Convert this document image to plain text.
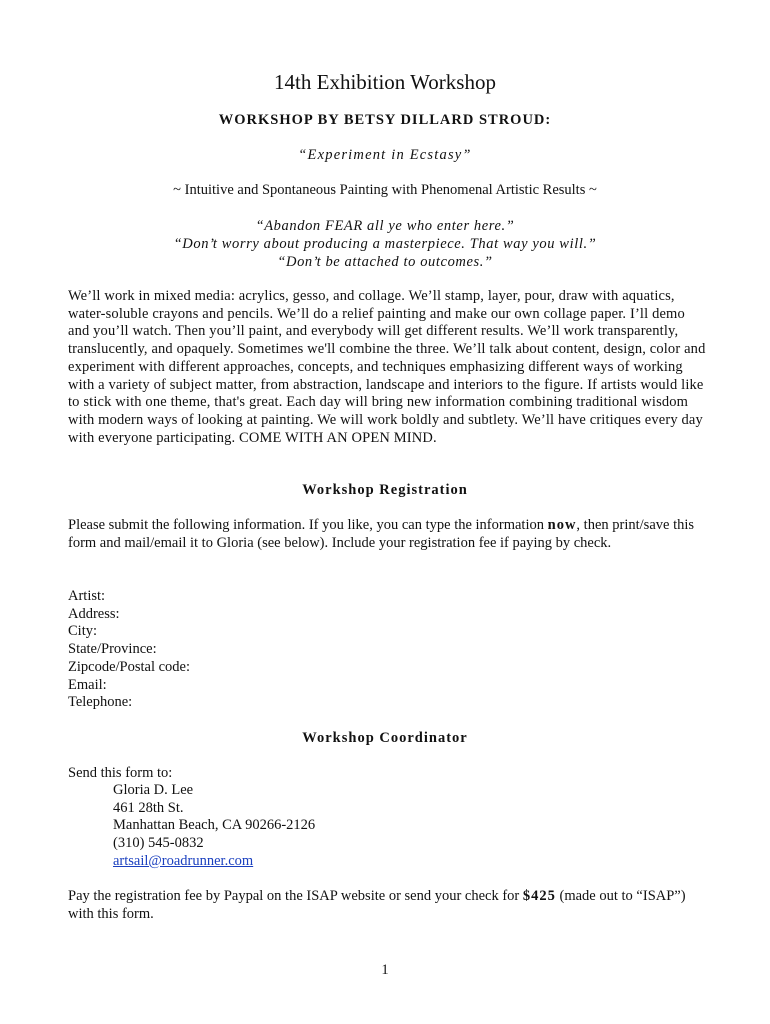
14th Exhibition Workshop
WORKSHOP BY BETSY DILLARD STROUD:
“Experiment in Ecstasy”
~ Intuitive and Spontaneous Painting with Phenomenal Artistic Results ~
“Abandon FEAR all ye who enter here.”
“Don’t worry about producing a masterpiece. That way you will.”
“Don’t be attached to outcomes.”
We’ll work in mixed media: acrylics, gesso, and collage. We’ll stamp, layer, pour, draw with aquatics, water-soluble crayons and pencils. We’ll do a relief painting and make our own collage paper. I’ll demo and you’ll watch. Then you’ll paint, and everybody will get different results. We’ll work transparently, translucently, and opaquely. Sometimes we'll combine the three. We’ll talk about content, design, color and experiment with different approaches, concepts, and techniques emphasizing different ways of working with a variety of subject matter, from abstraction, landscape and interiors to the figure. If artists would like to stick with one theme, that's great. Each day will bring new information combining traditional wisdom with modern ways of looking at painting. We will work boldly and subtlety. We’ll have critiques every day with everyone participating. COME WITH AN OPEN MIND.
Workshop Registration
Please submit the following information. If you like, you can type the information now, then print/save this form and mail/email it to Gloria (see below). Include your registration fee if paying by check.
Artist:
Address:
City:
State/Province:
Zipcode/Postal code:
Email:
Telephone:
Workshop Coordinator
Send this form to:
Gloria D. Lee
461 28th St.
Manhattan Beach, CA 90266-2126
(310) 545-0832
artsail@roadrunner.com
Pay the registration fee by Paypal on the ISAP website or send your check for $425 (made out to “ISAP”) with this form.
1
